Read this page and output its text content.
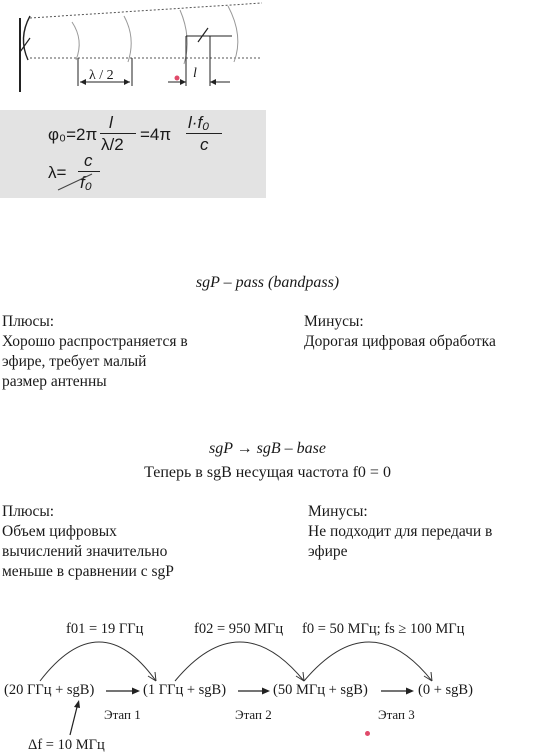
λ / 2	l
φ₀=2π
l
λ/2
=4π
l·f₀
c
λ=
c
f₀
sgP – pass (bandpass)
Плюсы:
Хорошо распространяется в
эфире, требует малый
размер антенны
Минусы:
Дорогая цифровая обработка
sgP → sgB – base
Теперь в sgB несущая частота f0 = 0
Плюсы:
Объем цифровых
вычислений значительно
меньше в сравнении с sgP
Минусы:
Не подходит для передачи в
эфире
f01 = 19 ГГц	f02 = 950 МГц f0 = 50 МГц; fs ≥ 100 МГц
(20 ГГц + sgB)	(1 ГГц + sgB)	(50 МГц + sgB)	(0 + sgB)
Этап 1	Этап 2	Этап 3
Δf = 10 МГц
